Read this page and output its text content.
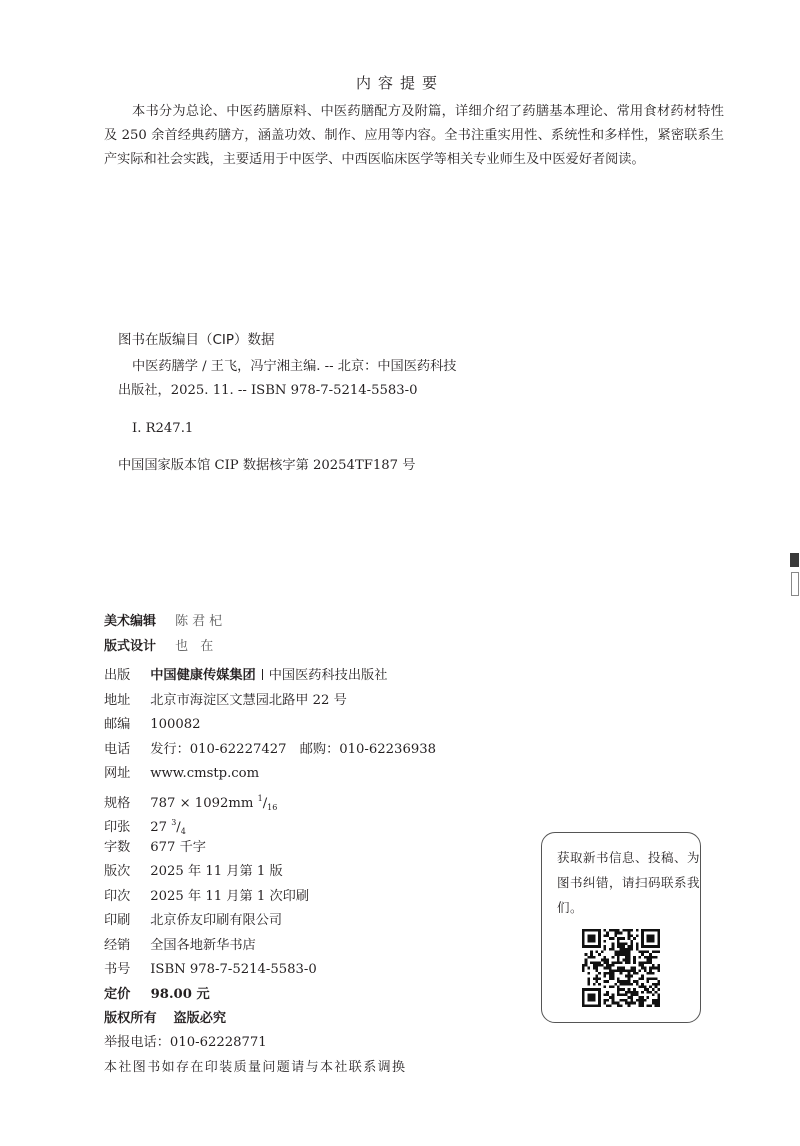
内容提要
本书分为总论、中医药膳原料、中医药膳配方及附篇，详细介绍了药膳基本理论、常用食材药材特性及 250 余首经典药膳方，涵盖功效、制作、应用等内容。全书注重实用性、系统性和多样性，紧密联系生产实际和社会实践，主要适用于中医学、中西医临床医学等相关专业师生及中医爱好者阅读。
图书在版编目（CIP）数据
中医药膳学 / 王飞，冯宁湘主编. -- 北京：中国医药科技出版社，2025. 11. -- ISBN 978-7-5214-5583-0
Ⅰ. R247.1
中国国家版本馆 CIP 数据核字第 20254TF187 号
美术编辑 陈君杞
版式设计 也 在
出版 中国健康传媒集团 中国医药科技出版社
地址 北京市海淀区文慧园北路甲 22 号
邮编 100082
电话 发行：010-62227427　邮购：010-62236938
网址 www.cmstp.com
规格 787 × 1092mm $^1/_{16}$
印张 27 $^3/_4$
字数 677 千字
版次 2025 年 11 月第 1 版
印次 2025 年 11 月第 1 次印刷
印刷 北京侨友印刷有限公司
经销 全国各地新华书店
书号 ISBN 978-7-5214-5583-0
定价 98.00 元
版权所有 盗版必究
举报电话：010-62228771
本社图书如存在印装质量问题请与本社联系调换
获取新书信息、投稿、为图书纠错，请扫码联系我们。
